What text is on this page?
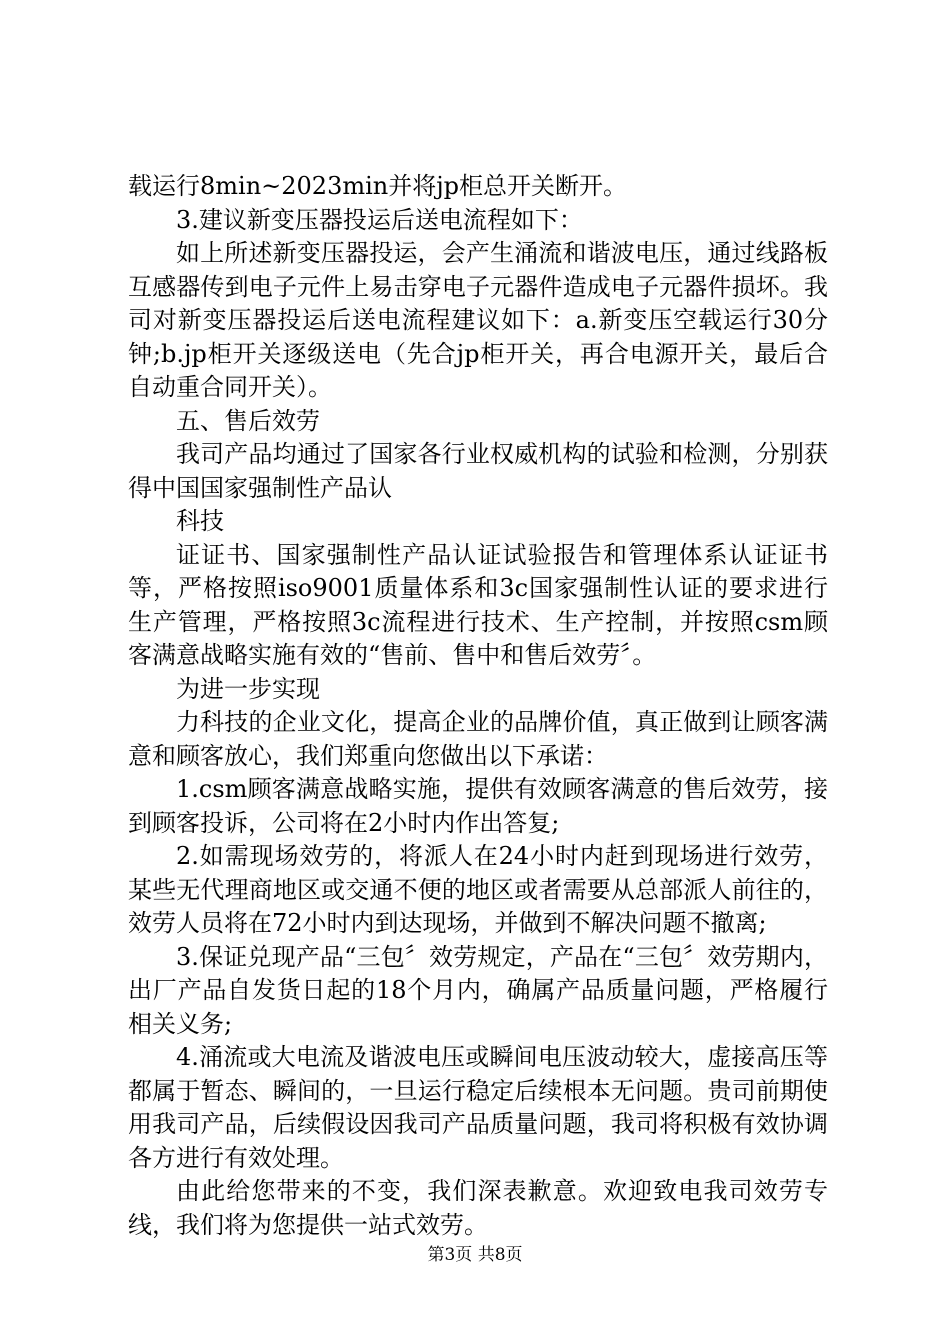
载运行8min~2023min并将jp柜总开关断开。

3.建议新变压器投运后送电流程如下：

如上所述新变压器投运，会产生涌流和谐波电压，通过线路板互感器传到电子元件上易击穿电子元器件造成电子元器件损坏。我司对新变压器投运后送电流程建议如下：a.新变压空载运行30分钟;b.jp柜开关逐级送电（先合jp柜开关，再合电源开关，最后合自动重合同开关）。

五、售后效劳

我司产品均通过了国家各行业权威机构的试验和检测，分别获得中国国家强制性产品认

科技

证证书、国家强制性产品认证试验报告和管理体系认证证书等，严格按照iso9001质量体系和3c国家强制性认证的要求进行生产管理，严格按照3c流程进行技术、生产控制，并按照csm顾客满意战略实施有效的“售前、售中和售后效劳〞。

为进一步实现

力科技的企业文化，提高企业的品牌价值，真正做到让顾客满意和顾客放心，我们郑重向您做出以下承诺：

1.csm顾客满意战略实施，提供有效顾客满意的售后效劳，接到顾客投诉，公司将在2小时内作出答复;

2.如需现场效劳的，将派人在24小时内赶到现场进行效劳，某些无代理商地区或交通不便的地区或者需要从总部派人前往的，效劳人员将在72小时内到达现场，并做到不解决问题不撤离;

3.保证兑现产品“三包〞效劳规定，产品在“三包〞效劳期内，出厂产品自发货日起的18个月内，确属产品质量问题，严格履行相关义务;

4.涌流或大电流及谐波电压或瞬间电压波动较大，虚接高压等都属于暂态、瞬间的，一旦运行稳定后续根本无问题。贵司前期使用我司产品，后续假设因我司产品质量问题，我司将积极有效协调各方进行有效处理。

由此给您带来的不变，我们深表歉意。欢迎致电我司效劳专线，我们将为您提供一站式效劳。

第3页 共8页
